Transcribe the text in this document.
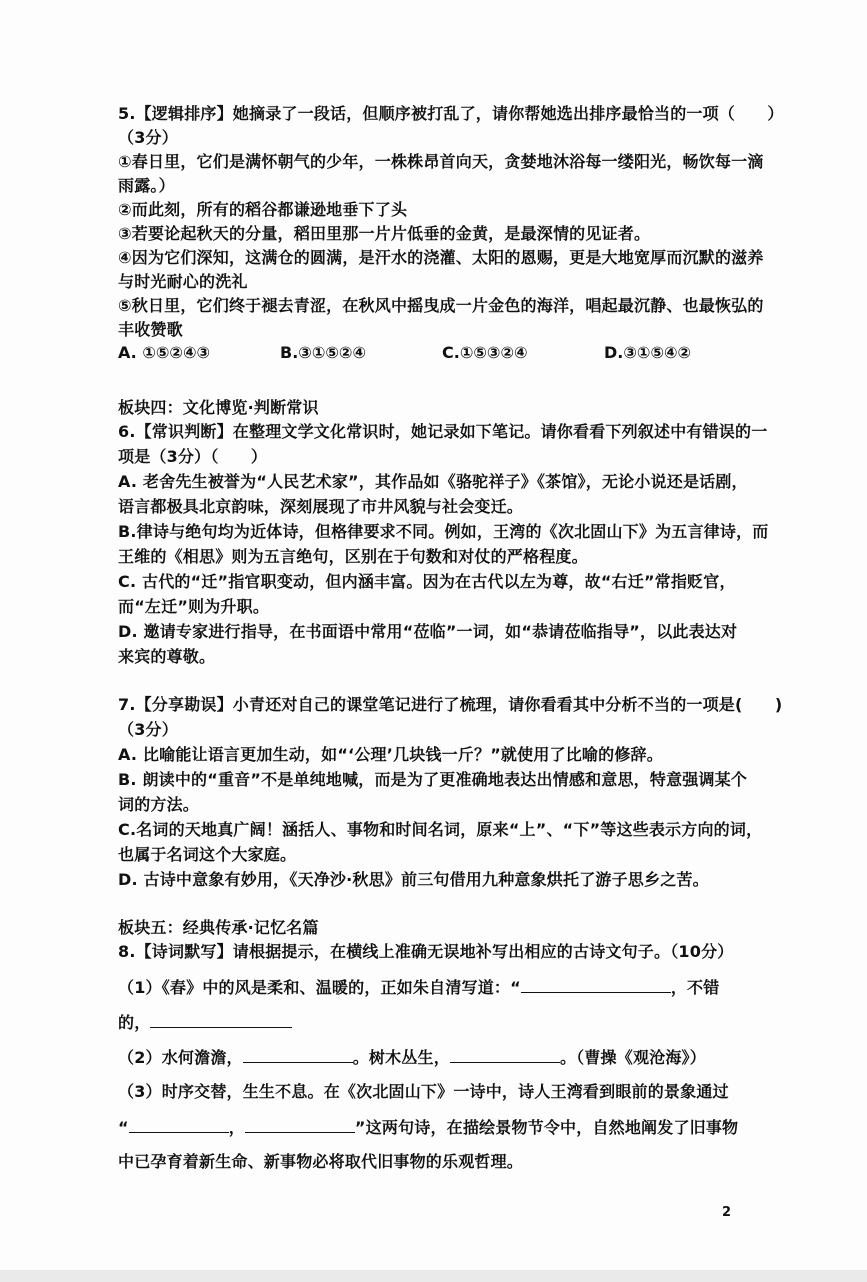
5.【逻辑排序】她摘录了一段话，但顺序被打乱了，请你帮她选出排序最恰当的一项（　　）
（3分）
①春日里，它们是满怀朝气的少年，一株株昂首向天，贪婪地沐浴每一缕阳光，畅饮每一滴
雨露。）
②而此刻，所有的稻谷都谦逊地垂下了头
③若要论起秋天的分量，稻田里那一片片低垂的金黄，是最深情的见证者。
④因为它们深知，这满仓的圆满，是汗水的浇灌、太阳的恩赐，更是大地宽厚而沉默的滋养
与时光耐心的洗礼
⑤秋日里，它们终于褪去青涩，在秋风中摇曳成一片金色的海洋，唱起最沉静、也最恢弘的
丰收赞歌
A. ①⑤②④③	B.③①⑤②④	C.①⑤③②④	D.③①⑤④②
板块四：文化博览·判断常识
6.【常识判断】在整理文学文化常识时，她记录如下笔记。请你看看下列叙述中有错误的一
项是（3分）（　　）
A. 老舍先生被誉为“人民艺术家”，其作品如《骆驼祥子》《茶馆》，无论小说还是话剧，
语言都极具北京韵味，深刻展现了市井风貌与社会变迁。
B.律诗与绝句均为近体诗，但格律要求不同。例如，王湾的《次北固山下》为五言律诗，而
王维的《相思》则为五言绝句，区别在于句数和对仗的严格程度。
C. 古代的“迁”指官职变动，但内涵丰富。因为在古代以左为尊，故“右迁”常指贬官，
而“左迁”则为升职。
D. 邀请专家进行指导，在书面语中常用“莅临”一词，如“恭请莅临指导”，以此表达对
来宾的尊敬。
7.【分享勘误】小青还对自己的课堂笔记进行了梳理，请你看看其中分析不当的一项是(　　)
（3分）
A. 比喻能让语言更加生动，如“‘公理’几块钱一斤？”就使用了比喻的修辞。
B. 朗读中的“重音”不是单纯地喊，而是为了更准确地表达出情感和意思，特意强调某个
词的方法。
C.名词的天地真广阔！涵括人、事物和时间名词，原来“上”、“下”等这些表示方向的词，
也属于名词这个大家庭。
D. 古诗中意象有妙用，《天净沙·秋思》前三句借用九种意象烘托了游子思乡之苦。
板块五：经典传承·记忆名篇
8.【诗词默写】请根据提示，在横线上准确无误地补写出相应的古诗文句子。（10分）
（1）《春》中的风是柔和、温暖的，正如朱自清写道：“	，不错
的，
（2）水何澹澹，	。树木丛生，	。（曹操《观沧海》）
（3）时序交替，生生不息。在《次北固山下》一诗中，诗人王湾看到眼前的景象通过
“	，	”这两句诗，在描绘景物节令中，自然地阐发了旧事物
中已孕育着新生命、新事物必将取代旧事物的乐观哲理。
2
